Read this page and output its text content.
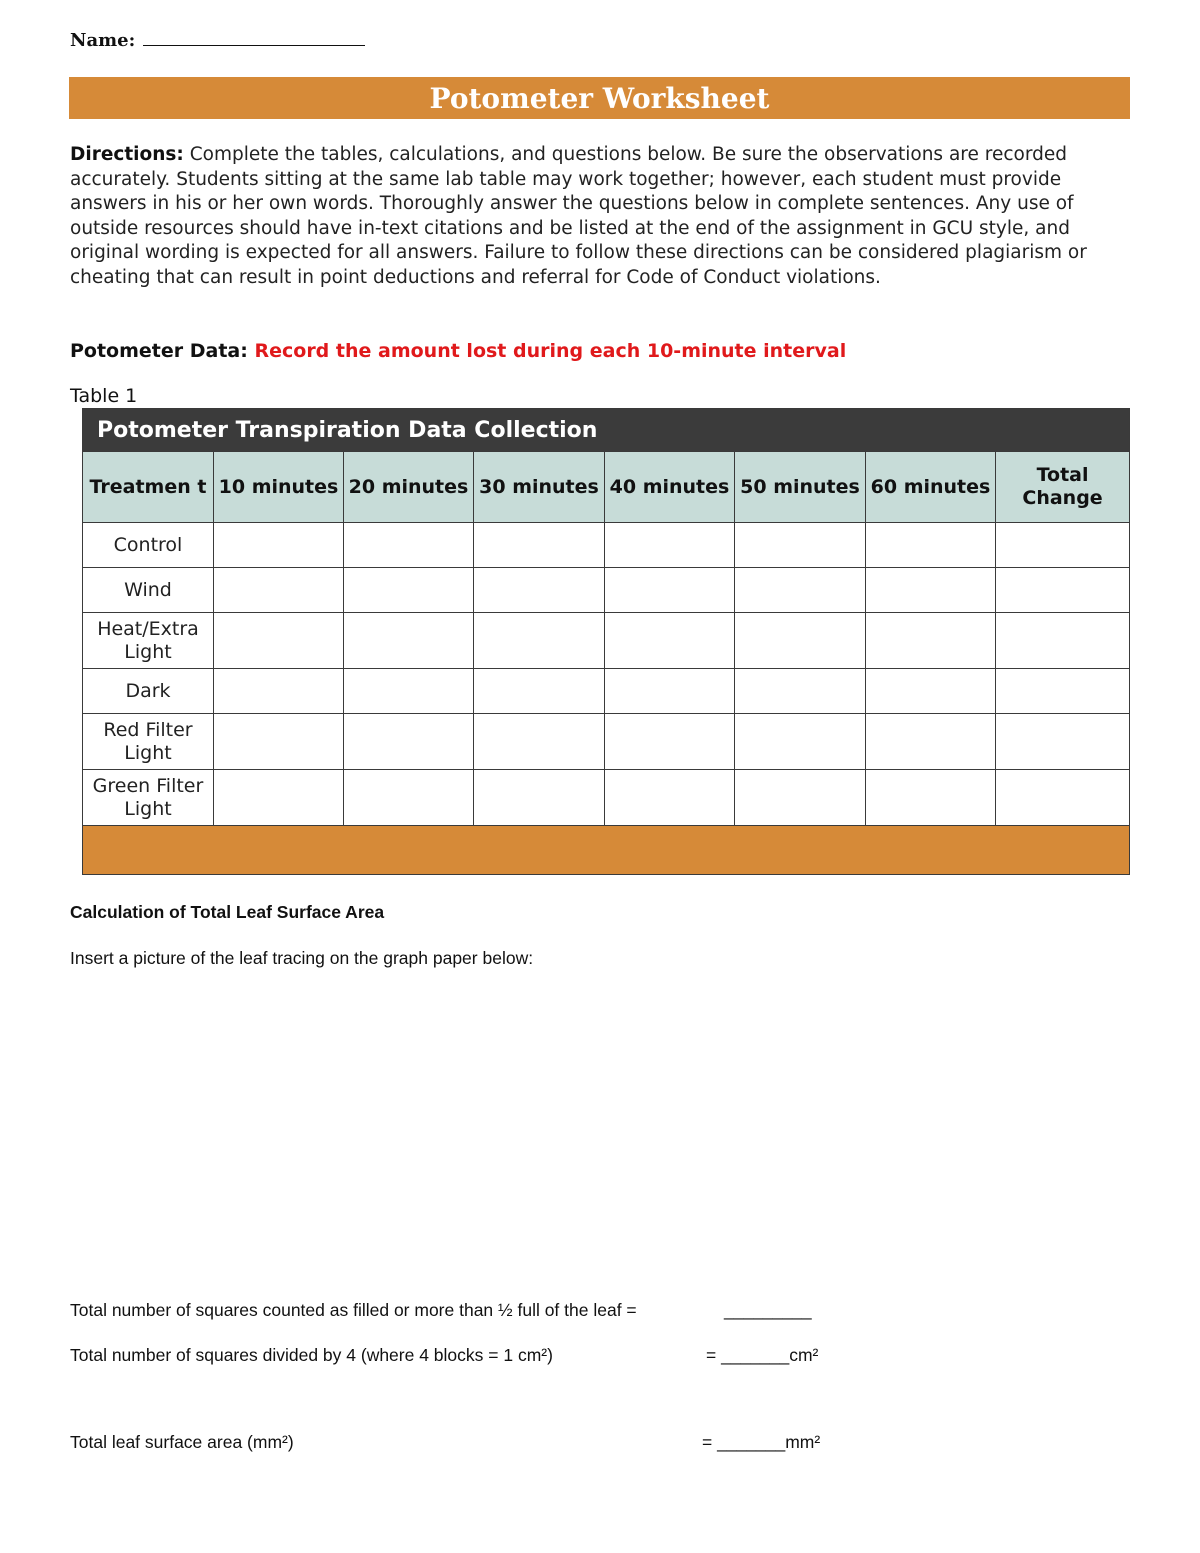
Name:
Potometer Worksheet
Directions: Complete the tables, calculations, and questions below. Be sure the observations are recorded accurately. Students sitting at the same lab table may work together; however, each student must provide answers in his or her own words. Thoroughly answer the questions below in complete sentences. Any use of outside resources should have in-text citations and be listed at the end of the assignment in GCU style, and original wording is expected for all answers. Failure to follow these directions can be considered plagiarism or cheating that can result in point deductions and referral for Code of Conduct violations.
Potometer Data: Record the amount lost during each 10-minute interval
Table 1
Potometer Transpiration Data Collection							
Treatmen t	10 minutes	20 minutes	30 minutes	40 minutes	50 minutes	60 minutes	Total Change
Control							
Wind							
Heat/Extra Light							
Dark							
Red Filter Light							
Green Filter Light							

Calculation of Total Leaf Surface Area
Insert a picture of the leaf tracing on the graph paper below:
Total number of squares counted as filled or more than ½ full of the leaf =	_________
Total number of squares divided by 4 (where 4 blocks = 1 cm²)	= _______cm²
Total leaf surface area (mm²)	= _______mm²
